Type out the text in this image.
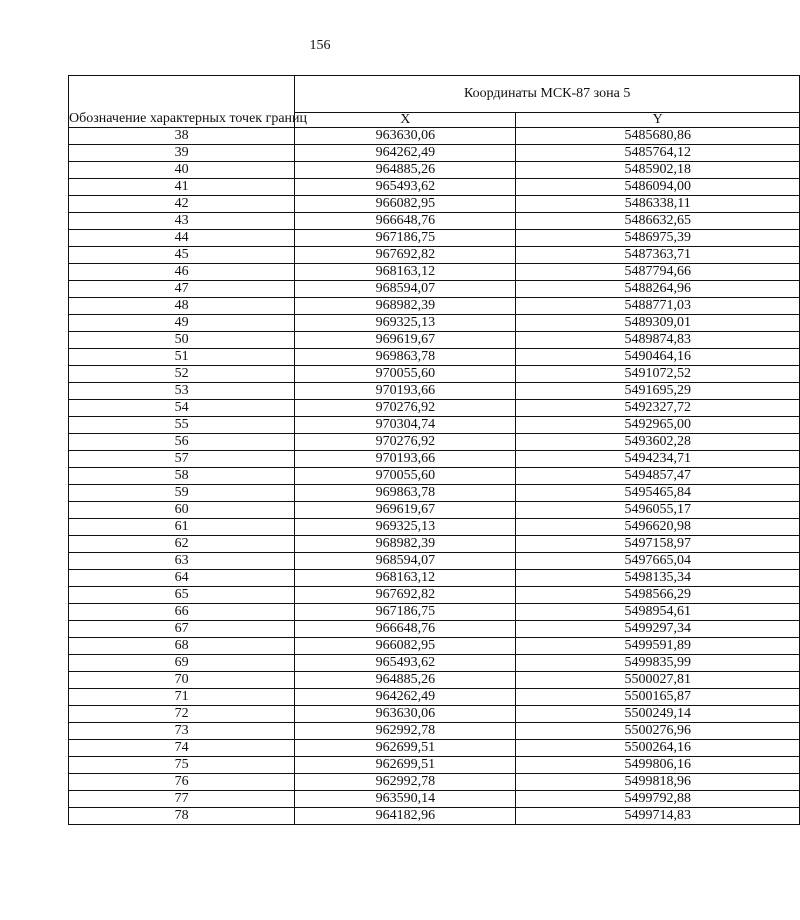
156
Обозначение характерных точек границ	Координаты МСК-87 зона 5	
	X	Y
38	963630,06	5485680,86
39	964262,49	5485764,12
40	964885,26	5485902,18
41	965493,62	5486094,00
42	966082,95	5486338,11
43	966648,76	5486632,65
44	967186,75	5486975,39
45	967692,82	5487363,71
46	968163,12	5487794,66
47	968594,07	5488264,96
48	968982,39	5488771,03
49	969325,13	5489309,01
50	969619,67	5489874,83
51	969863,78	5490464,16
52	970055,60	5491072,52
53	970193,66	5491695,29
54	970276,92	5492327,72
55	970304,74	5492965,00
56	970276,92	5493602,28
57	970193,66	5494234,71
58	970055,60	5494857,47
59	969863,78	5495465,84
60	969619,67	5496055,17
61	969325,13	5496620,98
62	968982,39	5497158,97
63	968594,07	5497665,04
64	968163,12	5498135,34
65	967692,82	5498566,29
66	967186,75	5498954,61
67	966648,76	5499297,34
68	966082,95	5499591,89
69	965493,62	5499835,99
70	964885,26	5500027,81
71	964262,49	5500165,87
72	963630,06	5500249,14
73	962992,78	5500276,96
74	962699,51	5500264,16
75	962699,51	5499806,16
76	962992,78	5499818,96
77	963590,14	5499792,88
78	964182,96	5499714,83
